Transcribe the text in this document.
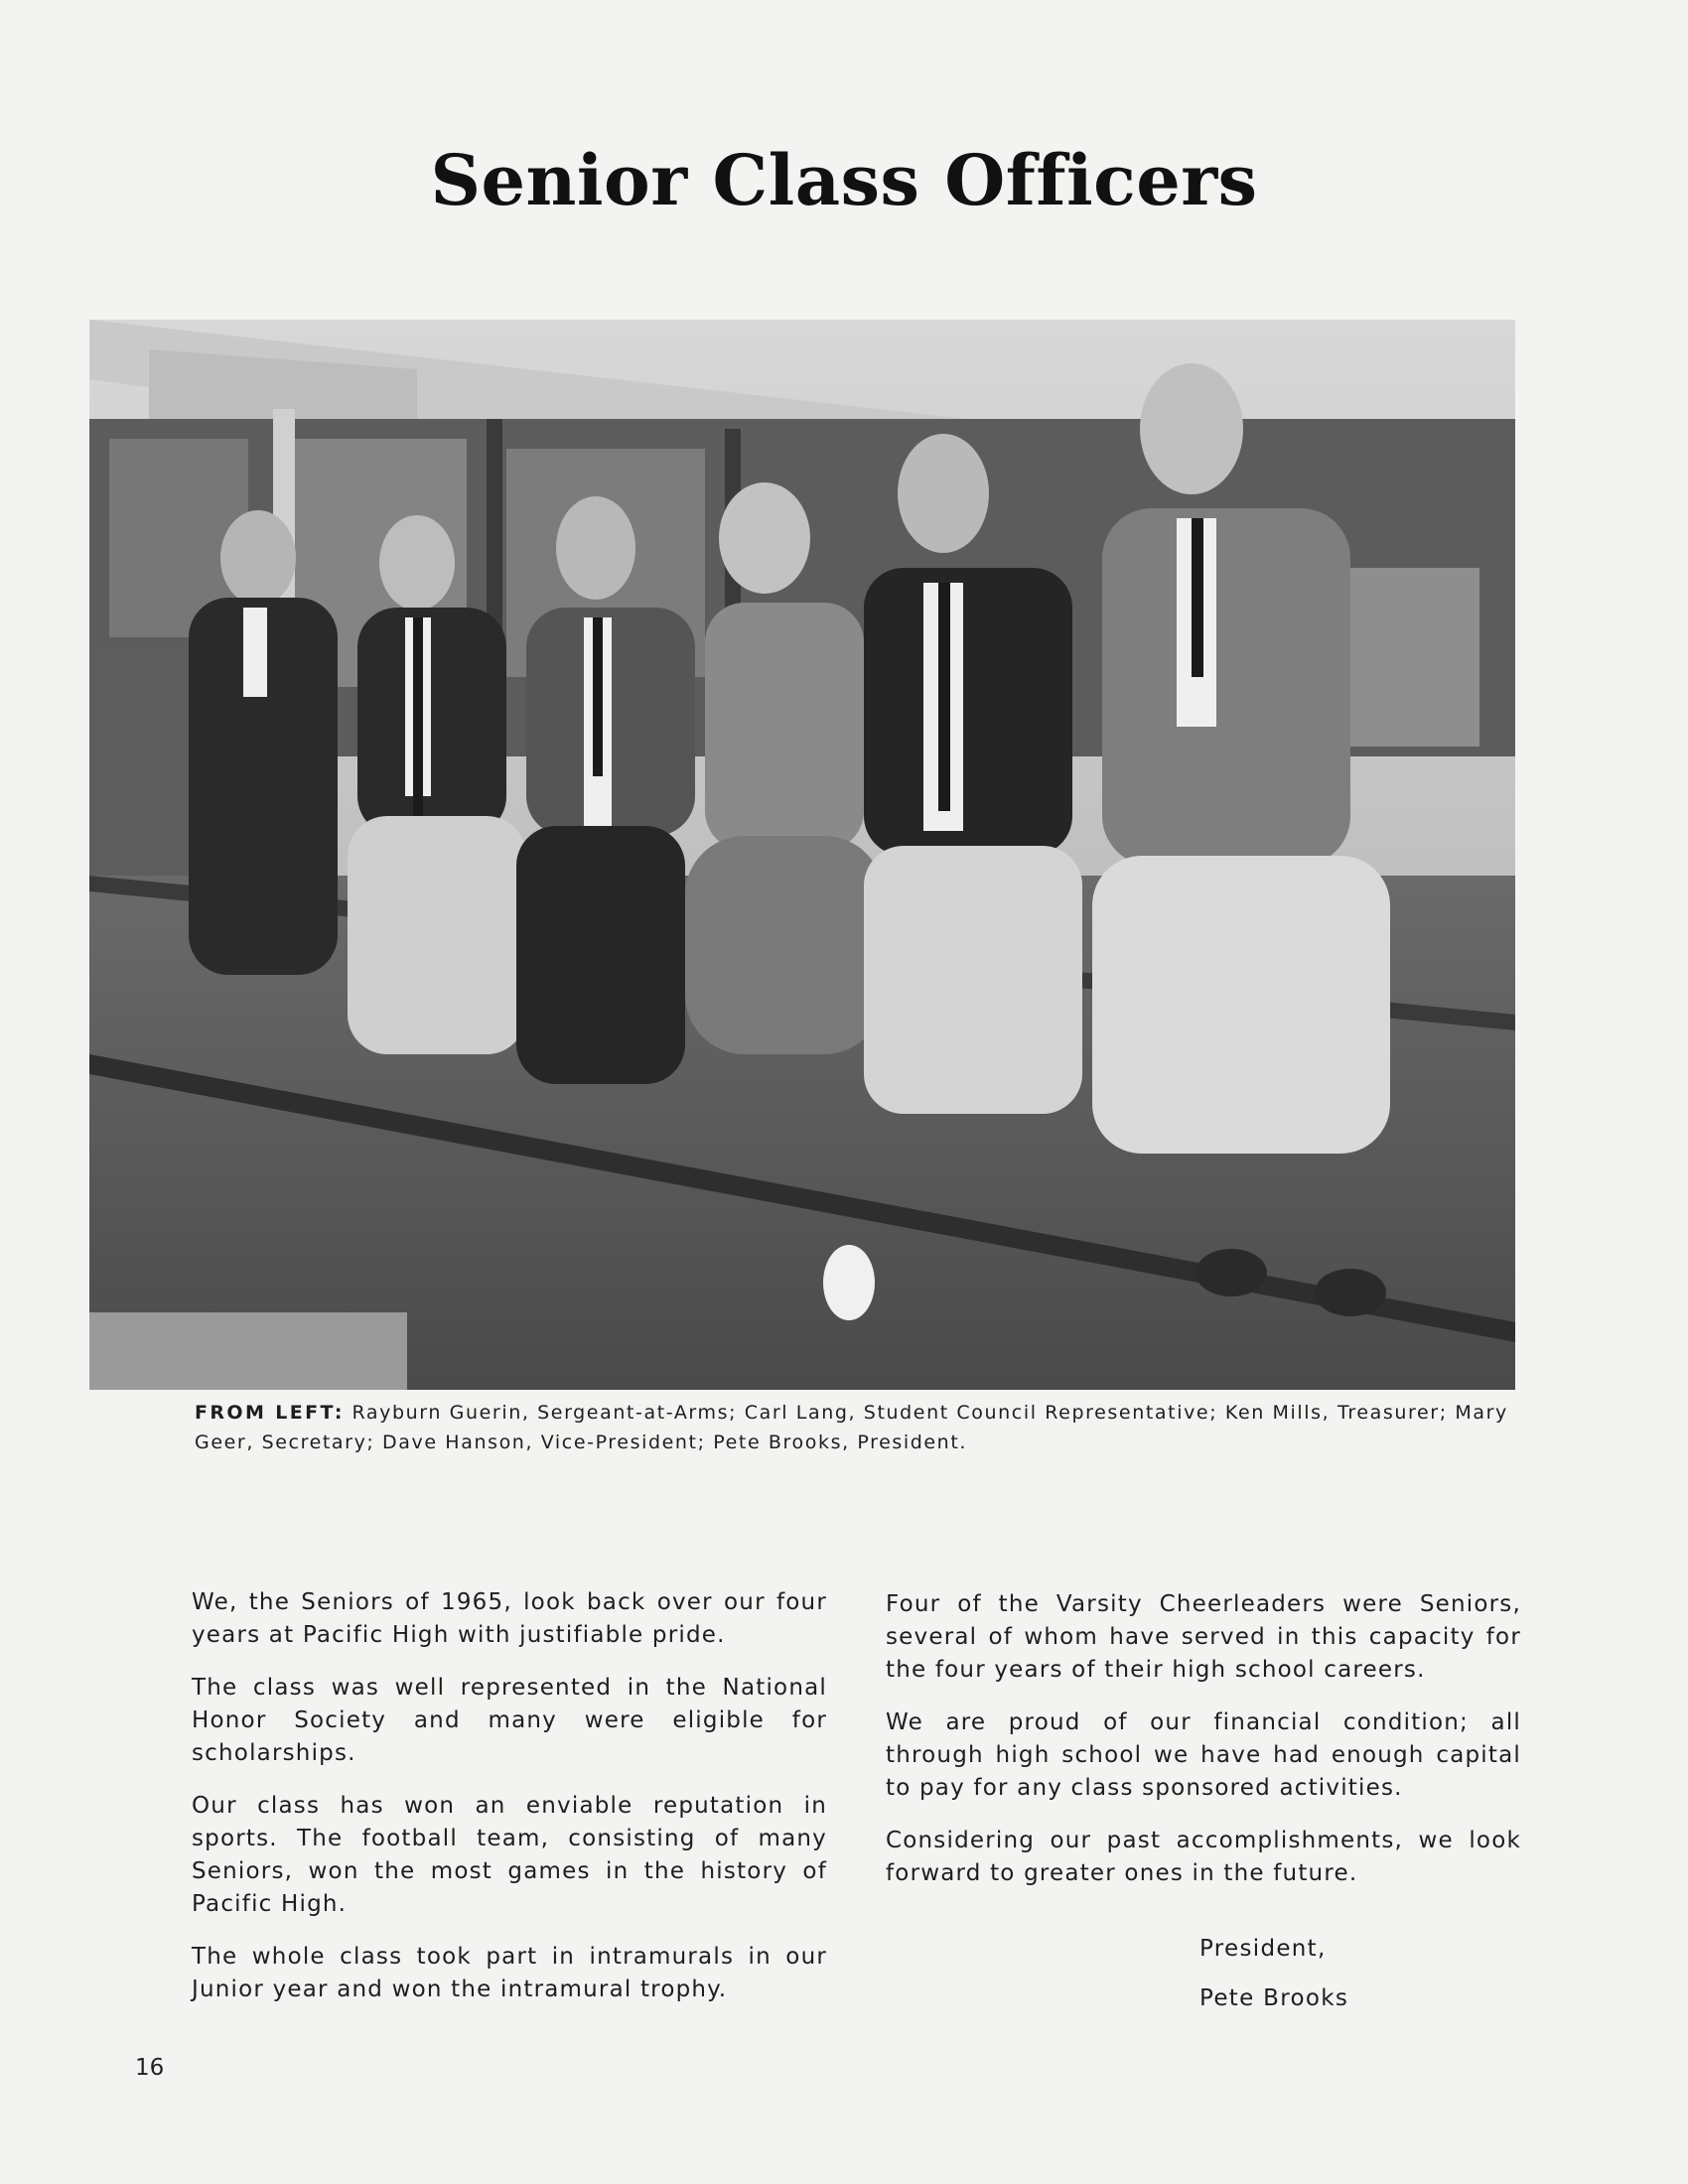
Senior Class Officers
FROM LEFT: Rayburn Guerin, Sergeant-at-Arms; Carl Lang, Student Council Representative; Ken Mills, Treasurer; Mary Geer, Secretary; Dave Hanson, Vice-President; Pete Brooks, President.

We, the Seniors of 1965, look back over our four years at Pacific High with justifiable pride.

The class was well represented in the National Honor Society and many were eligible for scholarships.

Our class has won an enviable reputation in sports. The football team, consisting of many Seniors, won the most games in the history of Pacific High.

The whole class took part in intramurals in our Junior year and won the intramural trophy.

Four of the Varsity Cheerleaders were Seniors, several of whom have served in this capacity for the four years of their high school careers.

We are proud of our financial condition; all through high school we have had enough capital to pay for any class sponsored activities.

Considering our past accomplishments, we look forward to greater ones in the future.

President,
Pete Brooks
16
